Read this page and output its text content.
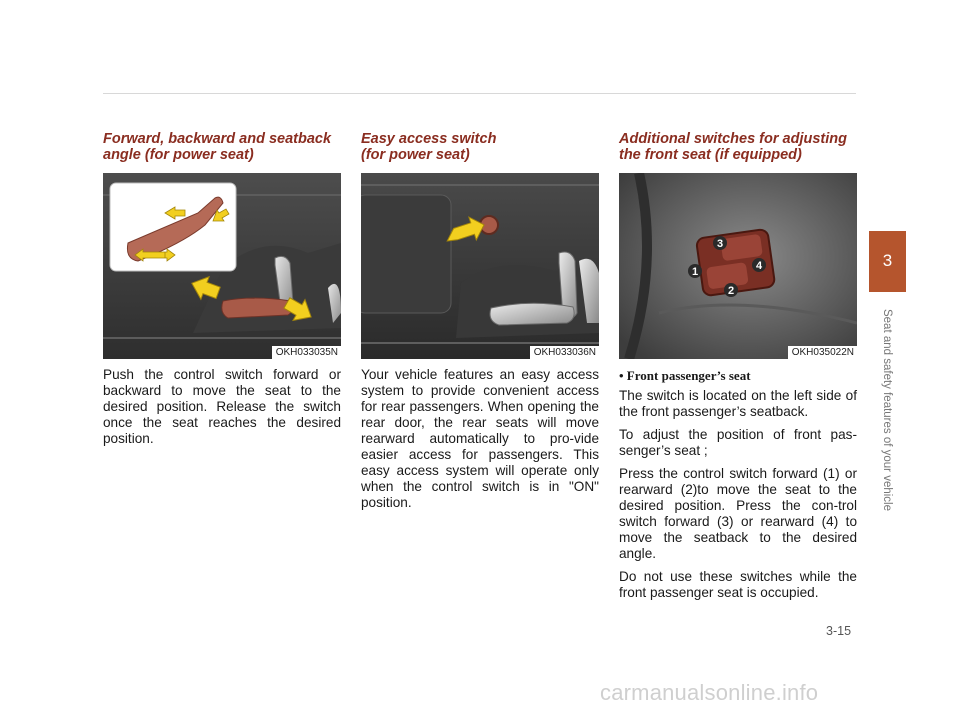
Forward, backward and seatback
angle (for power seat)
OKH033035N

Push the control switch forward or backward to move the seat to the desired position. Release the switch once the seat reaches the desired position.

Easy access switch
(for power seat)
OKH033036N

Your vehicle features an easy access system to provide convenient access for rear passengers. When opening the rear door, the rear seats will move rearward automatically to pro-vide easier access for passengers. This easy access system will operate only when the control switch is in "ON" position.

Additional switches for adjusting
the front seat (if equipped)
3
4
1
2
OKH035022N

• Front passenger’s seat

The switch is located on the left side of the front passenger’s seatback.

To adjust the position of front pas-senger’s seat ;

Press the control switch forward (1) or rearward (2)to move the seat to the desired position. Press the con-trol switch forward (3) or rearward (4) to move the seatback to the desired angle.

Do not use these switches while the front passenger seat is occupied.

3
Seat and safety features of your vehicle
3-15
carmanualsonline.info
